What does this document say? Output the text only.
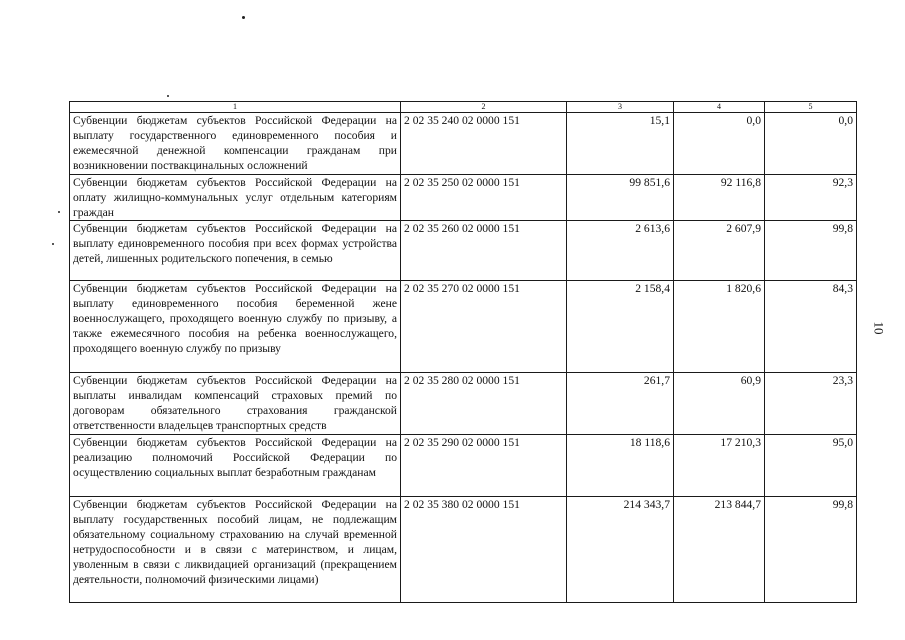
1	2	3	4	5
Субвенции бюджетам субъектов Российской Федерации на выплату государственного единовременного пособия и ежемесячной денежной компенсации гражданам при возникновении поствакцинальных осложнений	2 02 35 240 02 0000 151	15,1	0,0	0,0
Субвенции бюджетам субъектов Российской Федерации на оплату жилищно-коммунальных услуг отдельным категориям граждан	2 02 35 250 02 0000 151	99 851,6	92 116,8	92,3
Субвенции бюджетам субъектов Российской Федерации на выплату единовременного пособия при всех формах устройства детей, лишенных родительского попечения, в семью	2 02 35 260 02 0000 151	2 613,6	2 607,9	99,8
Субвенции бюджетам субъектов Российской Федерации на выплату единовременного пособия беременной жене военнослужащего, проходящего военную службу по призыву, а также ежемесячного пособия на ребенка военнослужащего, проходящего военную службу по призыву	2 02 35 270 02 0000 151	2 158,4	1 820,6	84,3
Субвенции бюджетам субъектов Российской Федерации на выплаты инвалидам компенсаций страховых премий по договорам обязательного страхования гражданской ответственности владельцев транспортных средств	2 02 35 280 02 0000 151	261,7	60,9	23,3
Субвенции бюджетам субъектов Российской Федерации на реализацию полномочий Российской Федерации по осуществлению социальных выплат безработным гражданам	2 02 35 290 02 0000 151	18 118,6	17 210,3	95,0
Субвенции бюджетам субъектов Российской Федерации на выплату государственных пособий лицам, не подлежащим обязательному социальному страхованию на случай временной нетрудоспособности и в связи с материнством, и лицам, уволенным в связи с ликвидацией организаций (прекращением деятельности, полномочий физическими лицами)	2 02 35 380 02 0000 151	214 343,7	213 844,7	99,8
10
